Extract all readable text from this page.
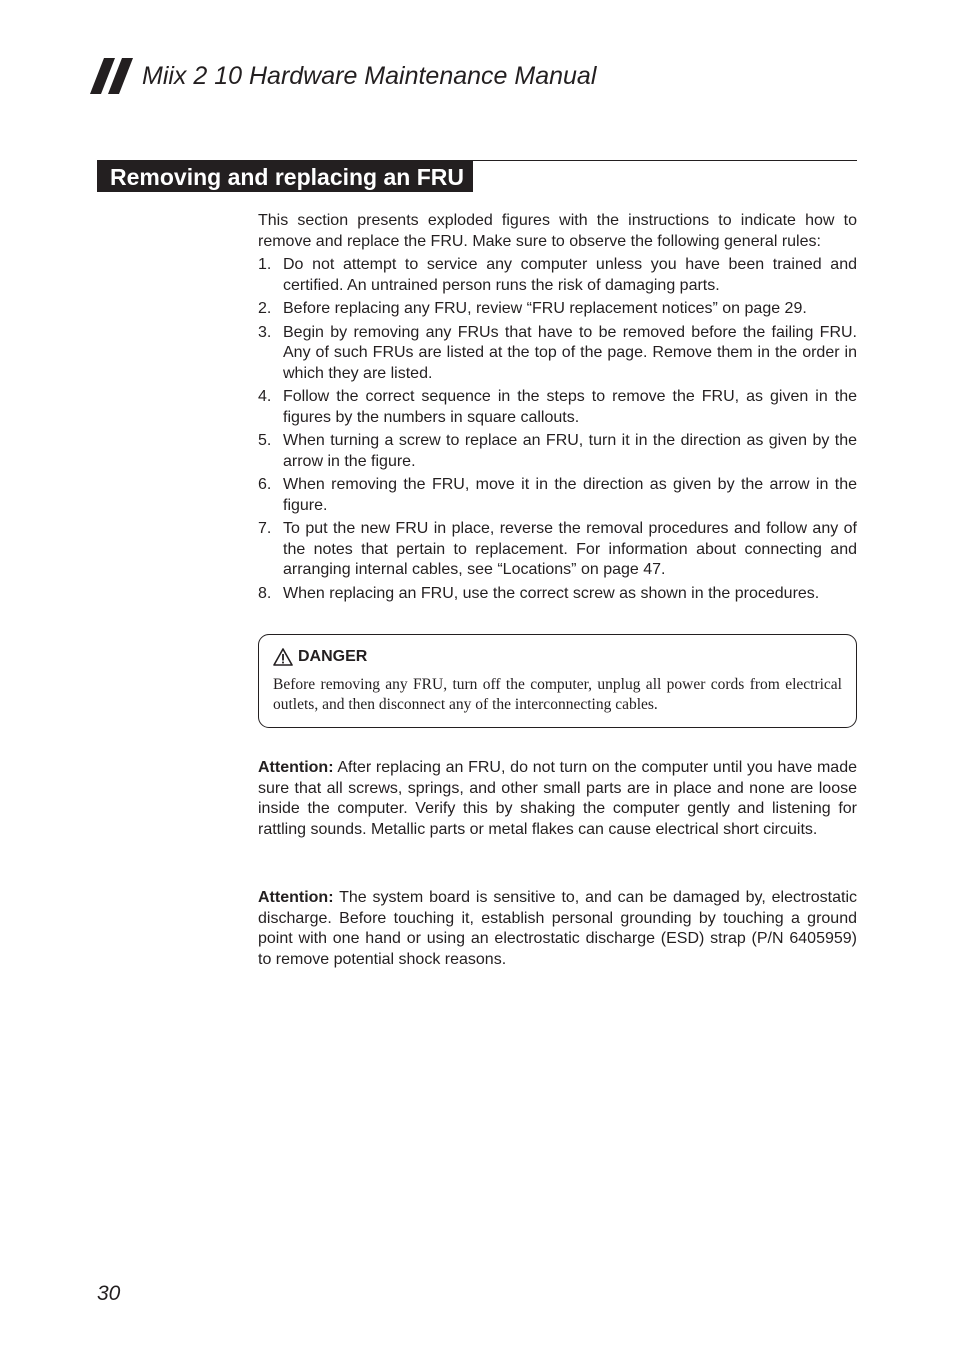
Miix 2 10 Hardware Maintenance Manual
Removing and replacing an FRU

This section presents exploded figures with the instructions to indicate how to remove and replace the FRU. Make sure to observe the following general rules:

1. Do not attempt to service any computer unless you have been trained and certified. An untrained person runs the risk of damaging parts.
2. Before replacing any FRU, review “FRU replacement notices” on page 29.
3. Begin by removing any FRUs that have to be removed before the failing FRU. Any of such FRUs are listed at the top of the page. Remove them in the order in which they are listed.
4. Follow the correct sequence in the steps to remove the FRU, as given in the figures by the numbers in square callouts.
5. When turning a screw to replace an FRU, turn it in the direction as given by the arrow in the figure.
6. When removing the FRU, move it in the direction as given by the arrow in the figure.
7. To put the new FRU in place, reverse the removal procedures and follow any of the notes that pertain to replacement. For information about connecting and arranging internal cables, see “Locations” on page 47.
8. When replacing an FRU, use the correct screw as shown in the procedures.
DANGER
Before removing any FRU, turn off the computer, unplug all power cords from electrical outlets, and then disconnect any of the interconnecting cables.
Attention: After replacing an FRU, do not turn on the computer until you have made sure that all screws, springs, and other small parts are in place and none are loose inside the computer. Verify this by shaking the computer gently and listening for rattling sounds. Metallic parts or metal flakes can cause electrical short circuits.
Attention: The system board is sensitive to, and can be damaged by, electrostatic discharge. Before touching it, establish personal grounding by touching a ground point with one hand or using an electrostatic discharge (ESD) strap (P/N 6405959) to remove potential shock reasons.
30
